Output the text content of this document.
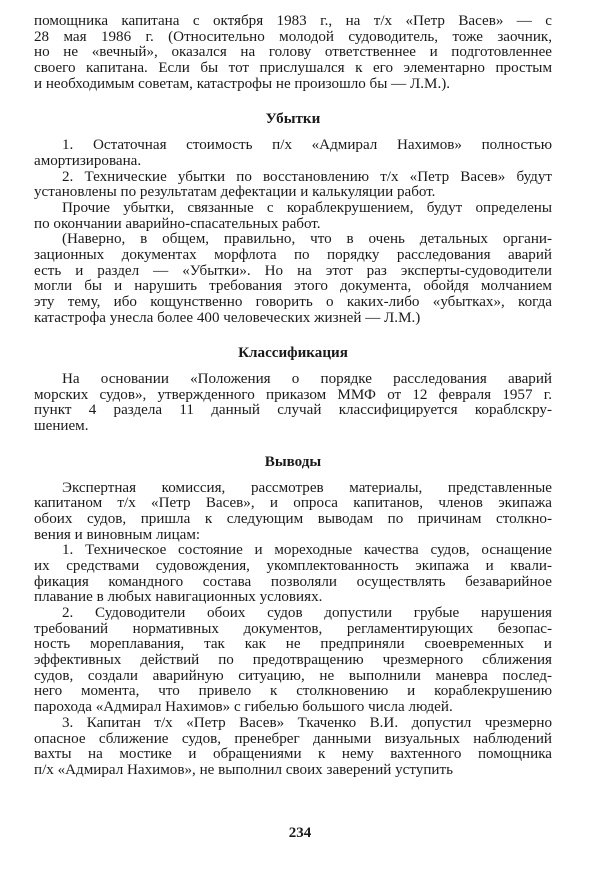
помощника капитана с октября 1983 г., на т/х «Петр Васев» — с
28 мая 1986 г. (Относительно молодой судоводитель, тоже заочник,
но не «вечный», оказался на голову ответственнее и подготовленнее
своего капитана. Если бы тот прислушался к его элементарно простым
и необходимым советам, катастрофы не произошло бы — Л.М.).
Убытки
1. Остаточная стоимость п/х «Адмирал Нахимов» полностью
амортизирована.
2. Технические убытки по восстановлению т/х «Петр Васев» будут
установлены по результатам дефектации и калькуляции работ.
Прочие убытки, связанные с кораблекрушением, будут определены
по окончании аварийно-спасательных работ.
(Наверно, в общем, правильно, что в очень детальных органи-
зационных документах морфлота по порядку расследования аварий
есть и раздел — «Убытки». Но на этот раз эксперты-судоводители
могли бы и нарушить требования этого документа, обойдя молчанием
эту тему, ибо кощунственно говорить о каких-либо «убытках», когда
катастрофа унесла более 400 человеческих жизней — Л.М.)
Классификация
На основании «Положения о порядке расследования аварий
морских судов», утвержденного приказом ММФ от 12 февраля 1957 г.
пункт 4 раздела 11 данный случай классифицируется кораблскру-
шением.
Выводы
Экспертная комиссия, рассмотрев материалы, представленные
капитаном т/х «Петр Васев», и опроса капитанов, членов экипажа
обоих судов, пришла к следующим выводам по причинам столкно-
вения и виновным лицам:
1. Техническое состояние и мореходные качества судов, оснащение
их средствами судовождения, укомплектованность экипажа и квали-
фикация командного состава позволяли осуществлять безаварийное
плавание в любых навигационных условиях.
2. Судоводители обоих судов допустили грубые нарушения
требований нормативных документов, регламентирующих безопас-
ность мореплавания, так как не предприняли своевременных и
эффективных действий по предотвращению чрезмерного сближения
судов, создали аварийную ситуацию, не выполнили маневра послед-
него момента, что привело к столкновению и кораблекрушению
парохода «Адмирал Нахимов» с гибелью большого числа людей.
3. Капитан т/х «Петр Васев» Ткаченко В.И. допустил чрезмерно
опасное сближение судов, пренебрег данными визуальных наблюдений
вахты на мостике и обращениями к нему вахтенного помощника
п/х «Адмирал Нахимов», не выполнил своих заверений уступить
234
